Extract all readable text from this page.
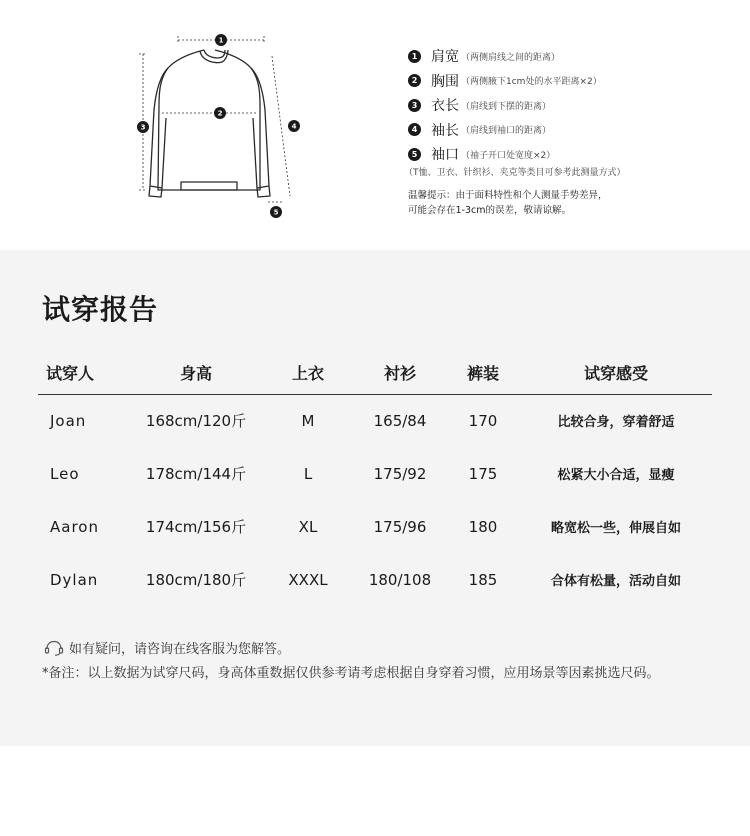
1
2
3	4
5
1 肩宽 （两侧肩线之间的距离）
2 胸围 （两侧腋下1cm处的水平距离×2）
3 衣长 （肩线到下摆的距离）
4 袖长 （肩线到袖口的距离）
5 袖口 （袖子开口处宽度×2）
（T恤、卫衣、针织衫、夹克等类目可参考此测量方式）
温馨提示：由于面料特性和个人测量手势差异，
可能会存在1-3cm的误差，敬请谅解。
试穿报告
试穿人	身高	上衣	衬衫	裤装	试穿感受
Joan	168cm/120斤	M	165/84	170	比较合身，穿着舒适
Leo	178cm/144斤	L	175/92	175	松紧大小合适，显瘦
Aaron	174cm/156斤	XL	175/96	180	略宽松一些，伸展自如
Dylan	180cm/180斤	XXXL	180/108	185	合体有松量，活动自如
如有疑问，请咨询在线客服为您解答。
*备注：以上数据为试穿尺码，身高体重数据仅供参考请考虑根据自身穿着习惯，应用场景等因素挑选尺码。
